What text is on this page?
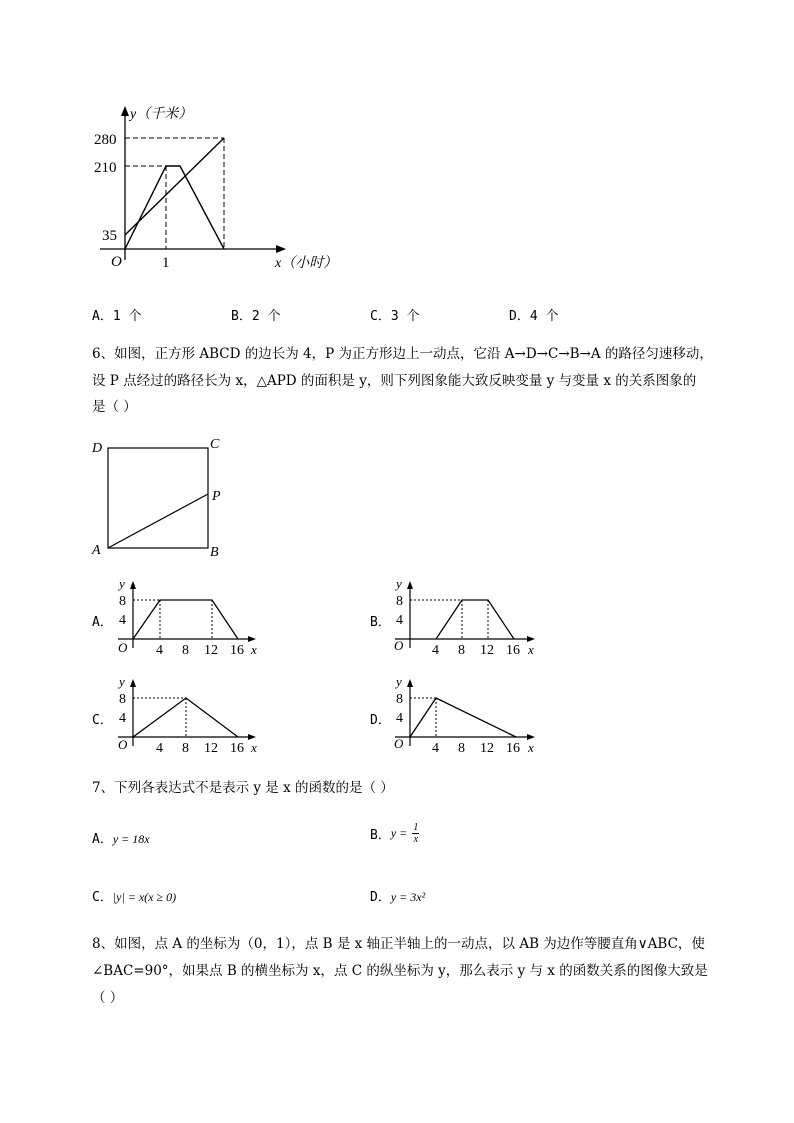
y（千米）
280
210
35
O	1	x（小时）
A．1 个	B．2 个	C．3 个	D．4 个
6、如图，正方形 ABCD 的边长为 4，P 为正方形边上一动点，它沿 A→D→C→B→A 的路径匀速移动，
设 P 点经过的路径长为 x，△APD 的面积是 y，则下列图象能大致反映变量 y 与变量 x 的关系图象的
是（ ）
D	C
P
A	B
A．
y
8
4
O 4 8 12 16 x
B．
y
8
4
O 4 8 12 16 x
C．
y
8
4
O 4 8 12 16 x
D．
y
8
4
O 4 8 12 16 x
7、下列各表达式不是表示 y 是 x 的函数的是（ ）
A．y = 18x	B．$y = \frac{1}{x}$
C．|y| = x(x ≥ 0)	D．y = 3x²
8、如图，点 A 的坐标为（0，1），点 B 是 x 轴正半轴上的一动点，以 AB 为边作等腰直角∨ABC，使
∠BAC=90°，如果点 B 的横坐标为 x，点 C 的纵坐标为 y，那么表示 y 与 x 的函数关系的图像大致是
（ ）
